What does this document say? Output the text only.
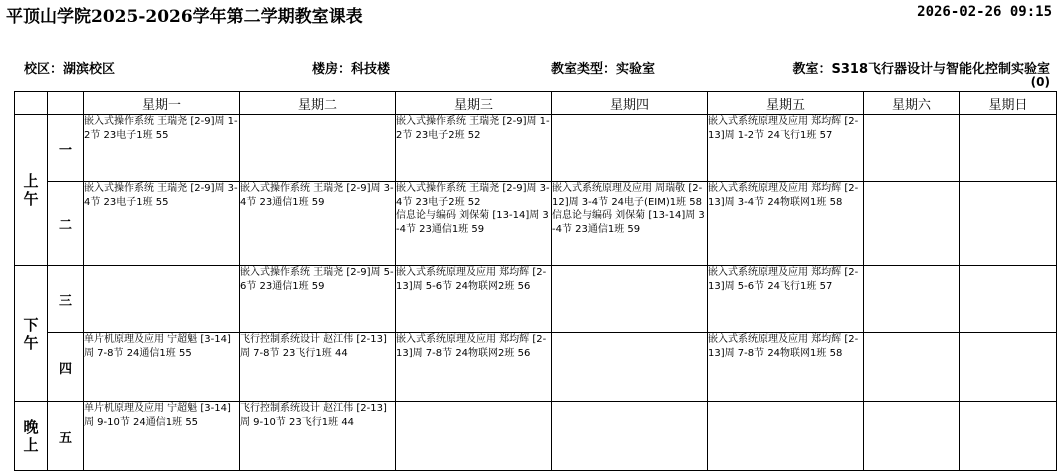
平顶山学院2025-2026学年第二学期教室课表	2026-02-26 09:15
校区：湖滨校区	楼房：科技楼	教室类型：实验室	教室：S318飞行器设计与智能化控制实验室
(0)
		星期一	星期二	星期三	星期四	星期五	星期六	星期日
上午	一	嵌入式操作系统 王瑞尧 [2-9]周 1-2节 23电子1班 55		嵌入式操作系统 王瑞尧 [2-9]周 1-2节 23电子2班 52		嵌入式系统原理及应用 郑均辉 [2-13]周 1-2节 24飞行1班 57		

	二	嵌入式操作系统 王瑞尧 [2-9]周 3-4节 23电子1班 55	嵌入式操作系统 王瑞尧 [2-9]周 3-4节 23通信1班 59	嵌入式操作系统 王瑞尧 [2-9]周 3-4节 23电子2班 52
信息论与编码 刘保菊 [13-14]周 3-4节 23通信1班 59	嵌入式系统原理及应用 周瑞敬 [2-12]周 3-4节 24电子(EIM)1班 58
信息论与编码 刘保菊 [13-14]周 3-4节 23通信1班 59	嵌入式系统原理及应用 郑均辉 [2-13]周 3-4节 24物联网1班 58		

下午	三		嵌入式操作系统 王瑞尧 [2-9]周 5-6节 23通信1班 59	嵌入式系统原理及应用 郑均辉 [2-13]周 5-6节 24物联网2班 56		嵌入式系统原理及应用 郑均辉 [2-13]周 5-6节 24飞行1班 57		

	四	单片机原理及应用 宁超魁 [3-14]周 7-8节 24通信1班 55	飞行控制系统设计 赵江伟 [2-13]周 7-8节 23飞行1班 44	嵌入式系统原理及应用 郑均辉 [2-13]周 7-8节 24物联网2班 56		嵌入式系统原理及应用 郑均辉 [2-13]周 7-8节 24物联网1班 58		

晚上	五	单片机原理及应用 宁超魁 [3-14]周 9-10节 24通信1班 55	飞行控制系统设计 赵江伟 [2-13]周 9-10节 23飞行1班 44					
